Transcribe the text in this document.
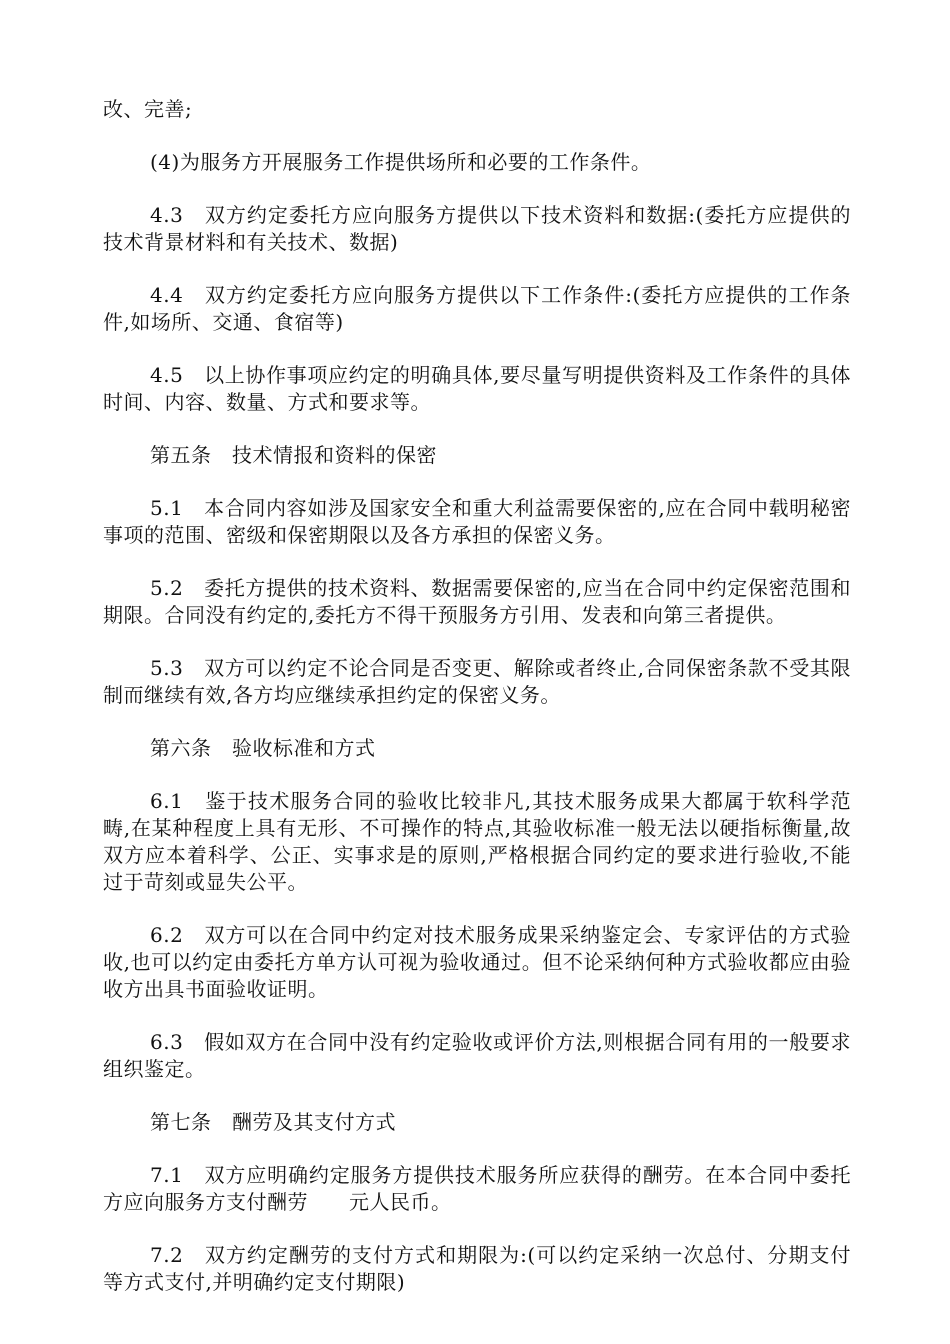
改、完善;

(4)为服务方开展服务工作提供场所和必要的工作条件。

4.3　双方约定委托方应向服务方提供以下技术资料和数据:(委托方应提供的技术背景材料和有关技术、数据)

4.4　双方约定委托方应向服务方提供以下工作条件:(委托方应提供的工作条件,如场所、交通、食宿等)

4.5　以上协作事项应约定的明确具体,要尽量写明提供资料及工作条件的具体时间、内容、数量、方式和要求等。

第五条　技术情报和资料的保密

5.1　本合同内容如涉及国家安全和重大利益需要保密的,应在合同中载明秘密事项的范围、密级和保密期限以及各方承担的保密义务。

5.2　委托方提供的技术资料、数据需要保密的,应当在合同中约定保密范围和期限。合同没有约定的,委托方不得干预服务方引用、发表和向第三者提供。

5.3　双方可以约定不论合同是否变更、解除或者终止,合同保密条款不受其限制而继续有效,各方均应继续承担约定的保密义务。

第六条　验收标准和方式

6.1　鉴于技术服务合同的验收比较非凡,其技术服务成果大都属于软科学范畴,在某种程度上具有无形、不可操作的特点,其验收标准一般无法以硬指标衡量,故双方应本着科学、公正、实事求是的原则,严格根据合同约定的要求进行验收,不能过于苛刻或显失公平。

6.2　双方可以在合同中约定对技术服务成果采纳鉴定会、专家评估的方式验收,也可以约定由委托方单方认可视为验收通过。但不论采纳何种方式验收都应由验收方出具书面验收证明。

6.3　假如双方在合同中没有约定验收或评价方法,则根据合同有用的一般要求组织鉴定。

第七条　酬劳及其支付方式

7.1　双方应明确约定服务方提供技术服务所应获得的酬劳。在本合同中委托方应向服务方支付酬劳　　元人民币。

7.2　双方约定酬劳的支付方式和期限为:(可以约定采纳一次总付、分期支付等方式支付,并明确约定支付期限)
